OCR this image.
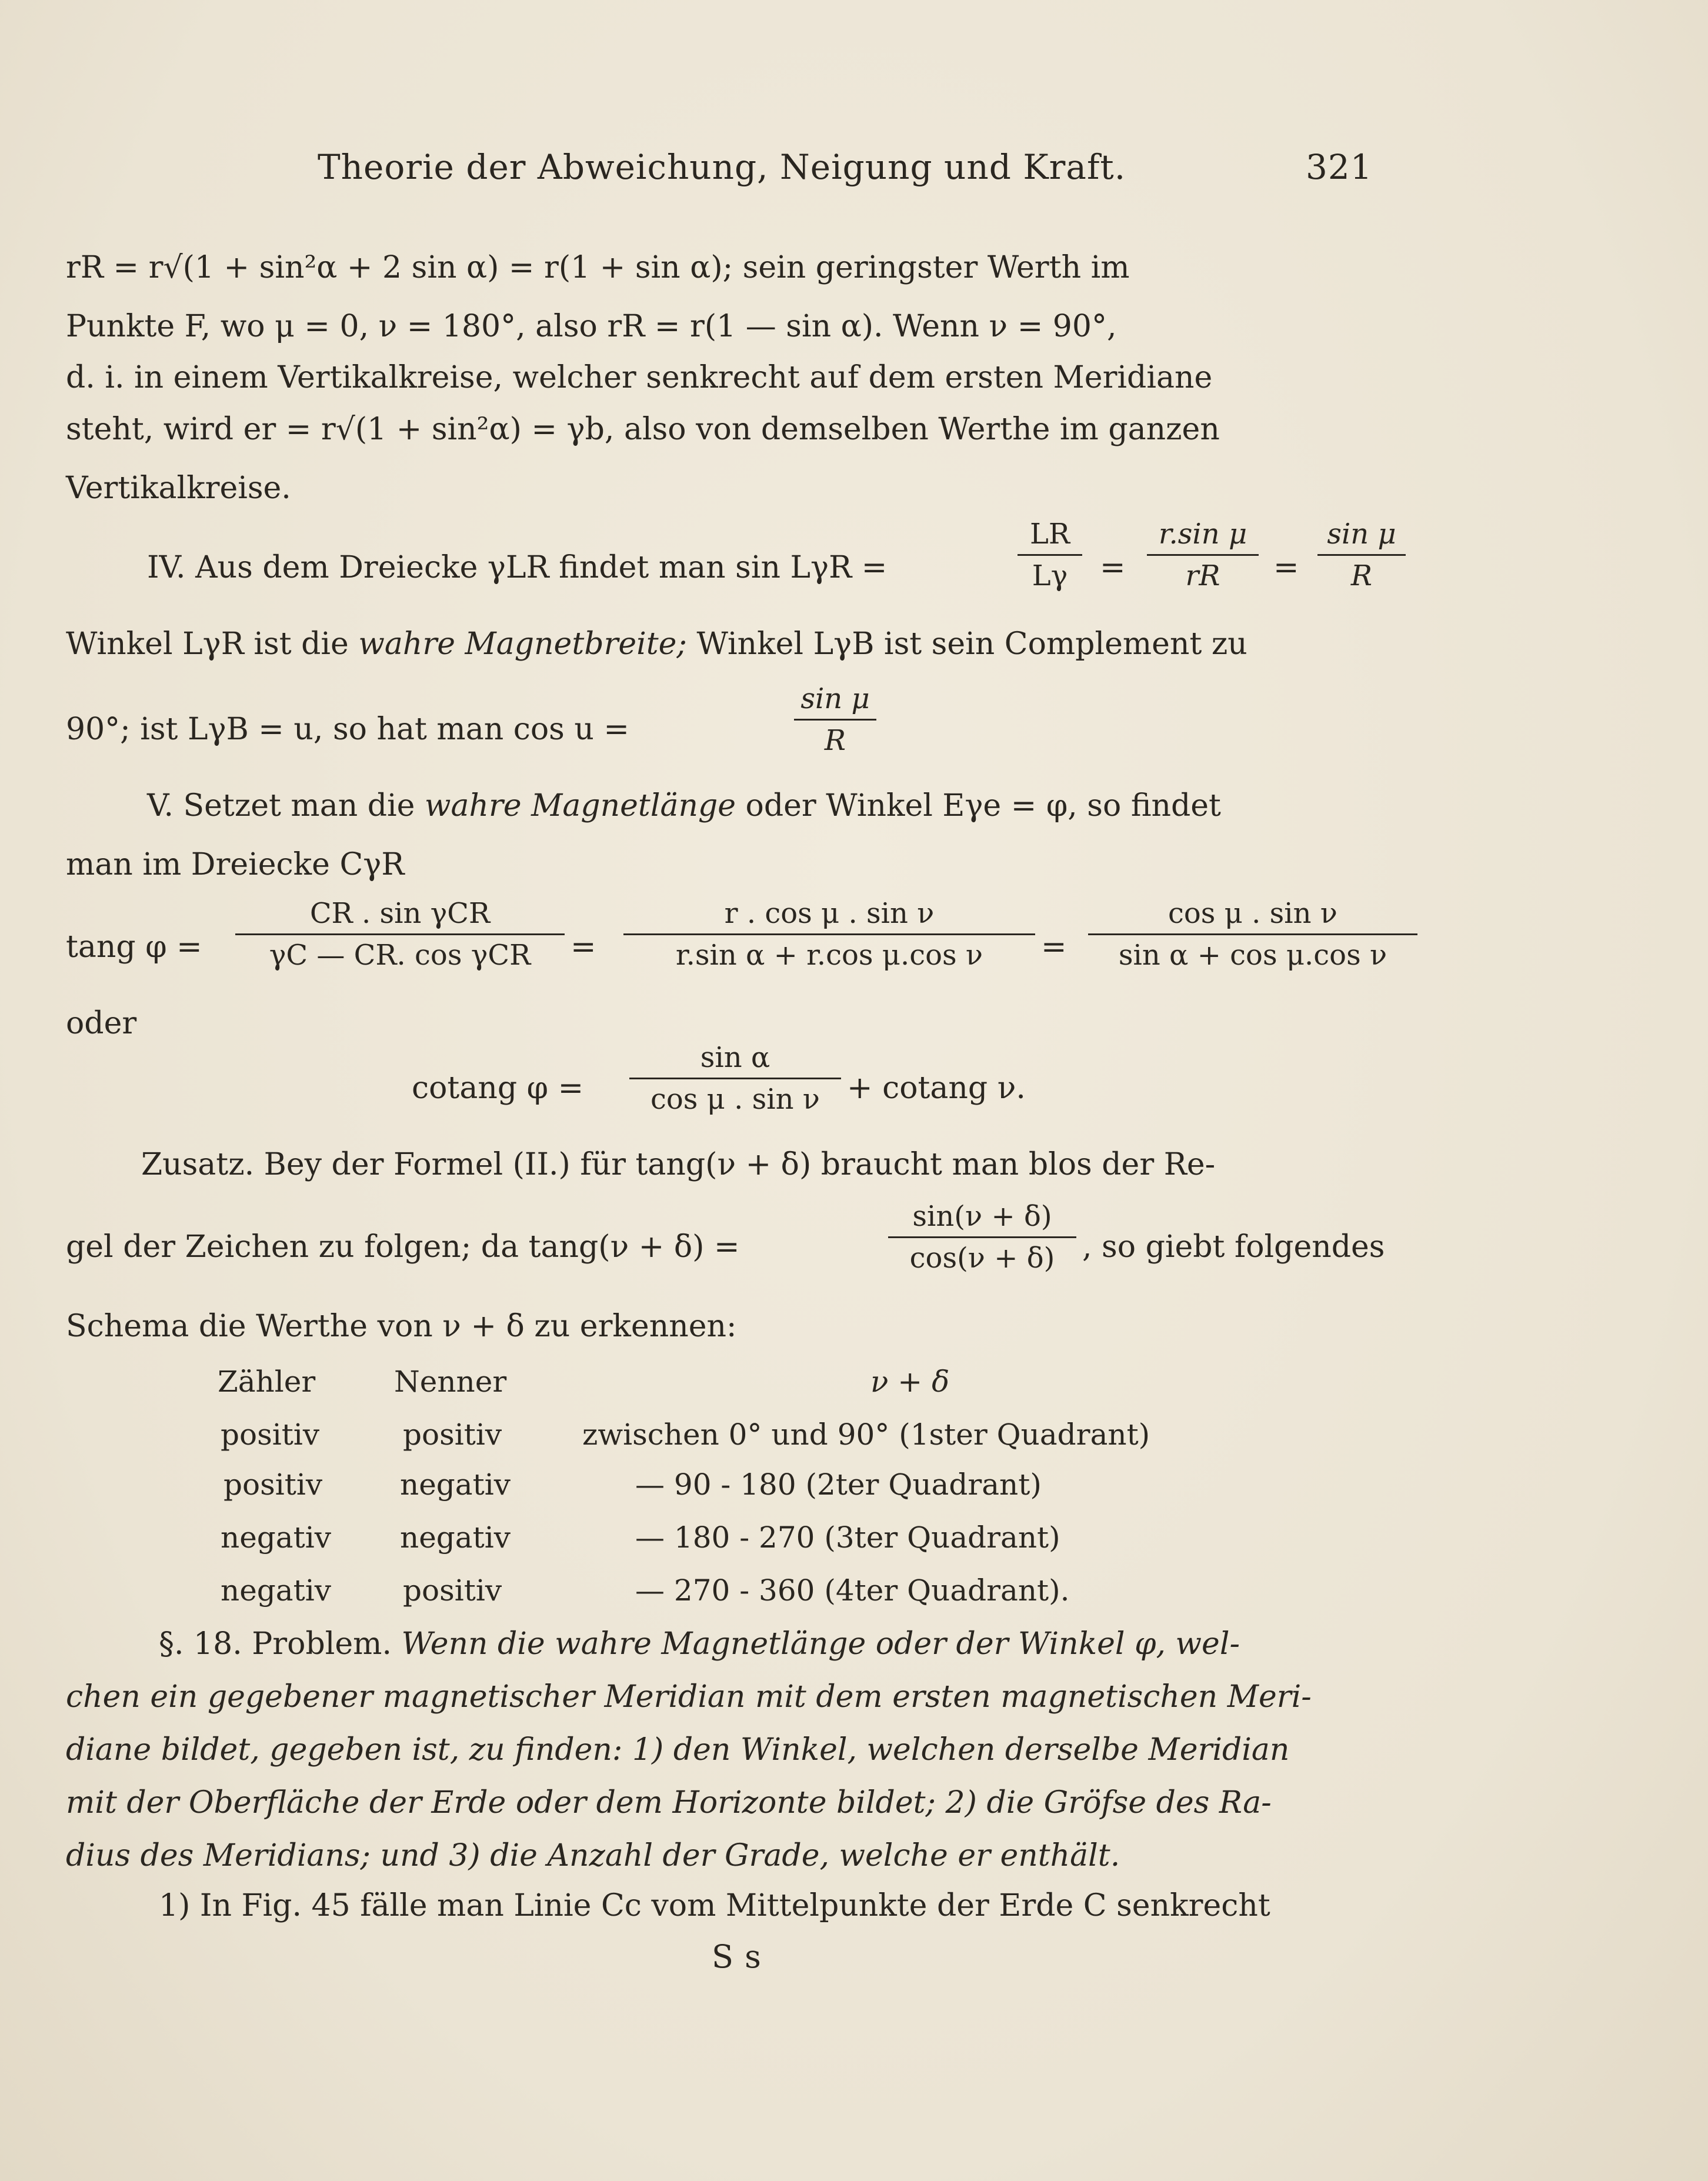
Theorie der Abweichung, Neigung und Kraft.	321
rR = r√(1 + sin²α + 2 sin α) = r(1 + sin α); sein geringster Werth im
Punkte F, wo μ = 0, ν = 180°, also rR = r(1 — sin α). Wenn ν = 90°,
d. i. in einem Vertikalkreise, welcher senkrecht auf dem ersten Meridiane
steht, wird er = r√(1 + sin²α) = γb, also von demselben Werthe im ganzen
Vertikalkreise.
IV. Aus dem Dreiecke γLR findet man sin LγR =	$\frac{LR}{L\gamma} = \frac{\text{r.sin μ}}{rR} = \frac{\text{sin μ}}{R}$
Winkel LγR ist die wahre Magnetbreite; Winkel LγB ist sein Complement zu
90°; ist LγB = u, so hat man cos u =	$\frac{\text{sin μ}}{R}$
V. Setzet man die wahre Magnetlänge oder Winkel Eγe = φ, so findet
man im Dreiecke CγR
tang φ =
CR . sin γCR
γC — CR. cos γCR	= $\frac{\text{r . cos μ . sin ν}}{\text{r.sin α + r.cos μ.cos ν}} = \frac{\text{cos μ . sin ν}}{\text{sin α + cos μ.cos ν}}$
oder
cotang $\varphi = \frac{\text{sin α}}{\text{cos μ . sin ν}} + cotang$ ν.
Zusatz. Bey der Formel (II.) für tang(ν + δ) braucht man blos der Re-
gel der Zeichen zu folgen; da tang(ν + δ) =	$\frac{\sin(\nu + \delta)}{\cos(\nu + \delta)}$ , so giebt folgendes
Schema die Werthe von ν + δ zu erkennen:
Zähler	Nenner	ν + δ
positiv	positiv	zwischen 0° und 90° (1ster Quadrant)
positiv	negativ	— 90 - 180 (2ter Quadrant)
negativ negativ	— 180 - 270 (3ter Quadrant)
negativ positiv	— 270 - 360 (4ter Quadrant).
§. 18. Problem. Wenn die wahre Magnetlänge oder der Winkel φ, wel-
chen ein gegebener magnetischer Meridian mit dem ersten magnetischen Meri-
diane bildet, gegeben ist, zu finden: 1) den Winkel, welchen derselbe Meridian
mit der Oberfläche der Erde oder dem Horizonte bildet; 2) die Gröfse des Ra-
dius des Meridians; und 3) die Anzahl der Grade, welche er enthält.
1) In Fig. 45 fälle man Linie Cc vom Mittelpunkte der Erde C senkrecht
S s
